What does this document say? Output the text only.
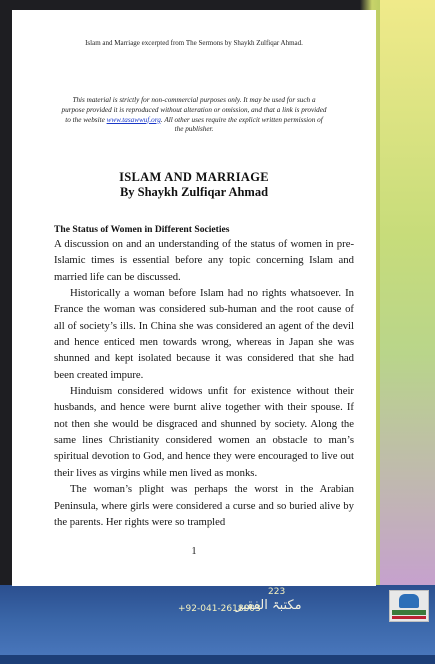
223
مکتبۃ الفقیر
+92-041-2618003
Islam and Marriage excerpted from The Sermons by Shaykh Zulfiqar Ahmad.
This material is strictly for non-commercial purposes only. It may be used for such a purpose provided it is reproduced without alteration or omission, and that a link is provided to the website www.tasawwuf.org. All other uses require the explicit written permission of the publisher.
ISLAM AND MARRIAGE
By Shaykh Zulfiqar Ahmad
The Status of Women in Different Societies

A discussion on and an understanding of the status of women in pre-Islamic times is essential before any topic concerning Islam and married life can be discussed.

Historically a woman before Islam had no rights whatsoever. In France the woman was considered sub-human and the root cause of all of society’s ills. In China she was considered an agent of the devil and hence enticed men towards wrong, whereas in Japan she was shunned and kept isolated because it was considered that she had been created impure.

Hinduism considered widows unfit for existence without their husbands, and hence were burnt alive together with their spouse. If not then she would be disgraced and shunned by society. Along the same lines Christianity considered women an obstacle to man’s spiritual devotion to God, and hence they were encouraged to live out their lives as virgins while men lived as monks.

The woman’s plight was perhaps the worst in the Arabian Peninsula, where girls were considered a curse and so buried alive by the parents. Her rights were so trampled

1
